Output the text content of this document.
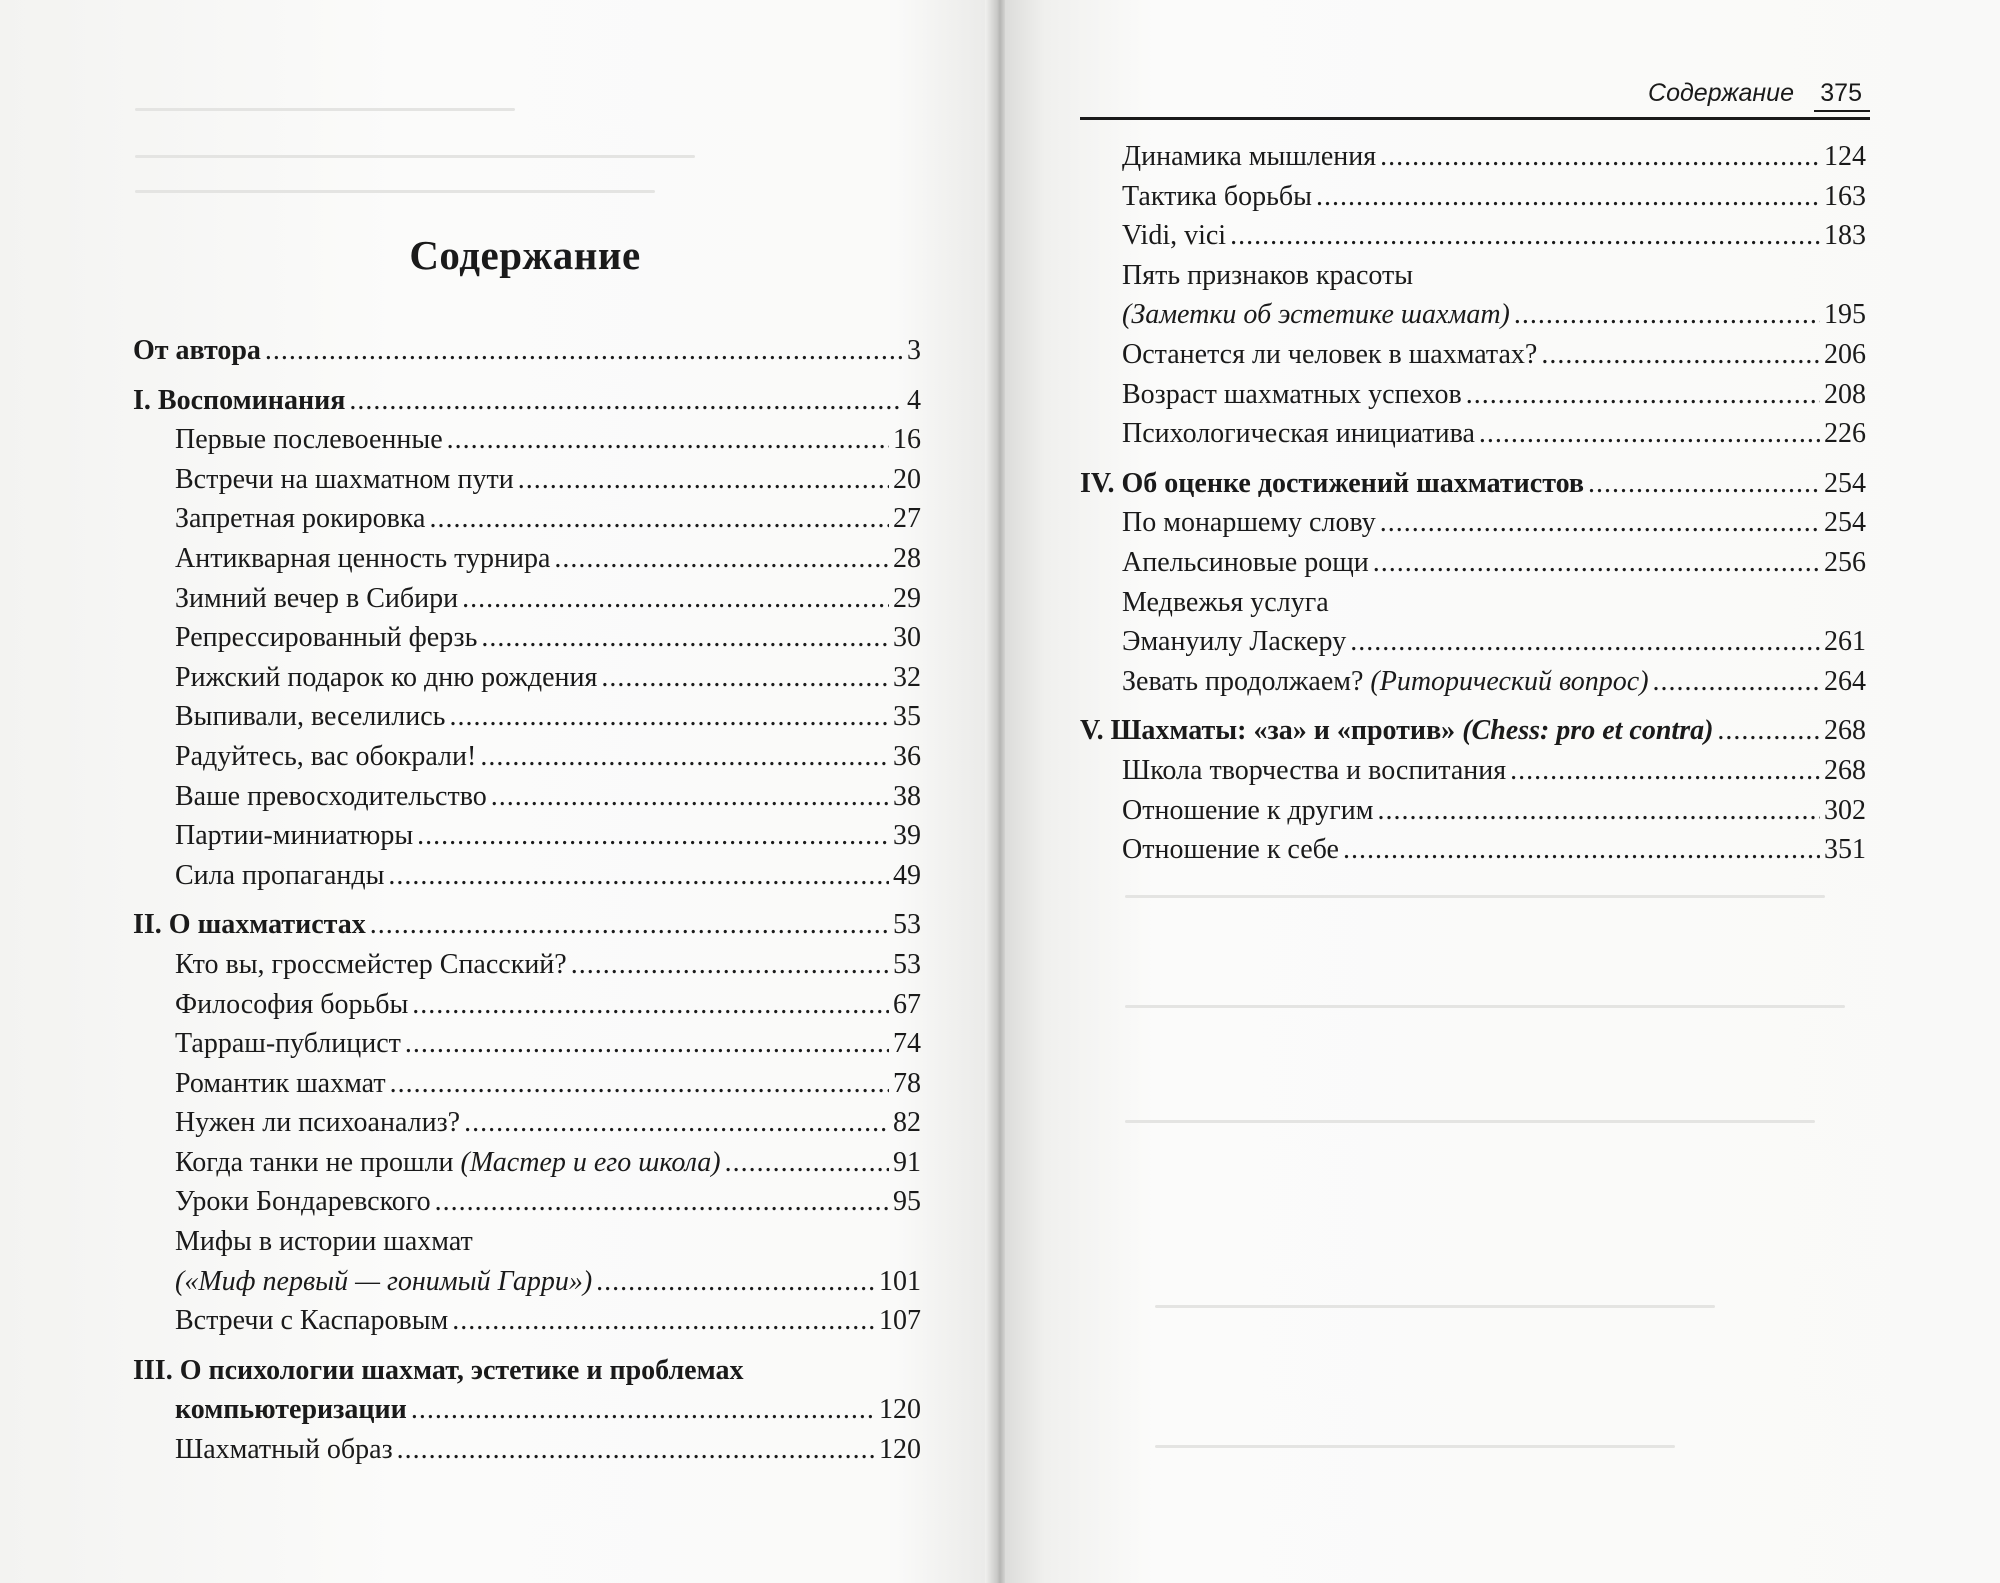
Содержание
От автора . . .	3
I. Воспоминания . . .	4
Первые послевоенные . . .	16
Встречи на шахматном пути . . .	20
Запретная рокировка . . .	27
Антикварная ценность турнира . . .	28
Зимний вечер в Сибири . . .	29
Репрессированный ферзь . . .	30
Рижский подарок ко дню рождения . . .	32
Выпивали, веселились . . .	35
Радуйтесь, вас обокрали! . . .	36
Ваше превосходительство . . .	38
Партии-миниатюры . . .	39
Сила пропаганды . . .	49
II. О шахматистах . . .	53
Кто вы, гроссмейстер Спасский? . . .	53
Философия борьбы . . .	67
Тарраш-публицист . . .	74
Романтик шахмат . . .	78
Нужен ли психоанализ? . . .	82
Когда танки не прошли (Мастер и его школа) . . .	91
Уроки Бондаревского . . .	95
Мифы в истории шахмат
(«Миф первый — гонимый Гарри») . . .	101
Встречи с Каспаровым . . .	107
III. О психологии шахмат, эстетике и проблемах
компьютеризации . . .	120
Шахматный образ . . .	120
Содержание 375
Динамика мышления . . .	124
Тактика борьбы . . .	163
Vidi, vici . . .	183
Пять признаков красоты
(Заметки об эстетике шахмат) . . .	195
Останется ли человек в шахматах? . . .	206
Возраст шахматных успехов . . .	208
Психологическая инициатива . . .	226
IV. Об оценке достижений шахматистов . . .	254
По монаршему слову . . .	254
Апельсиновые рощи . . .	256
Медвежья услуга
Эмануилу Ласкеру . . .	261
Зевать продолжаем? (Риторический вопрос) . . .	264
V. Шахматы: «за» и «против» (Chess: pro et contra) . . .	268
Школа творчества и воспитания . . .	268
Отношение к другим . . .	302
Отношение к себе . . .	351
